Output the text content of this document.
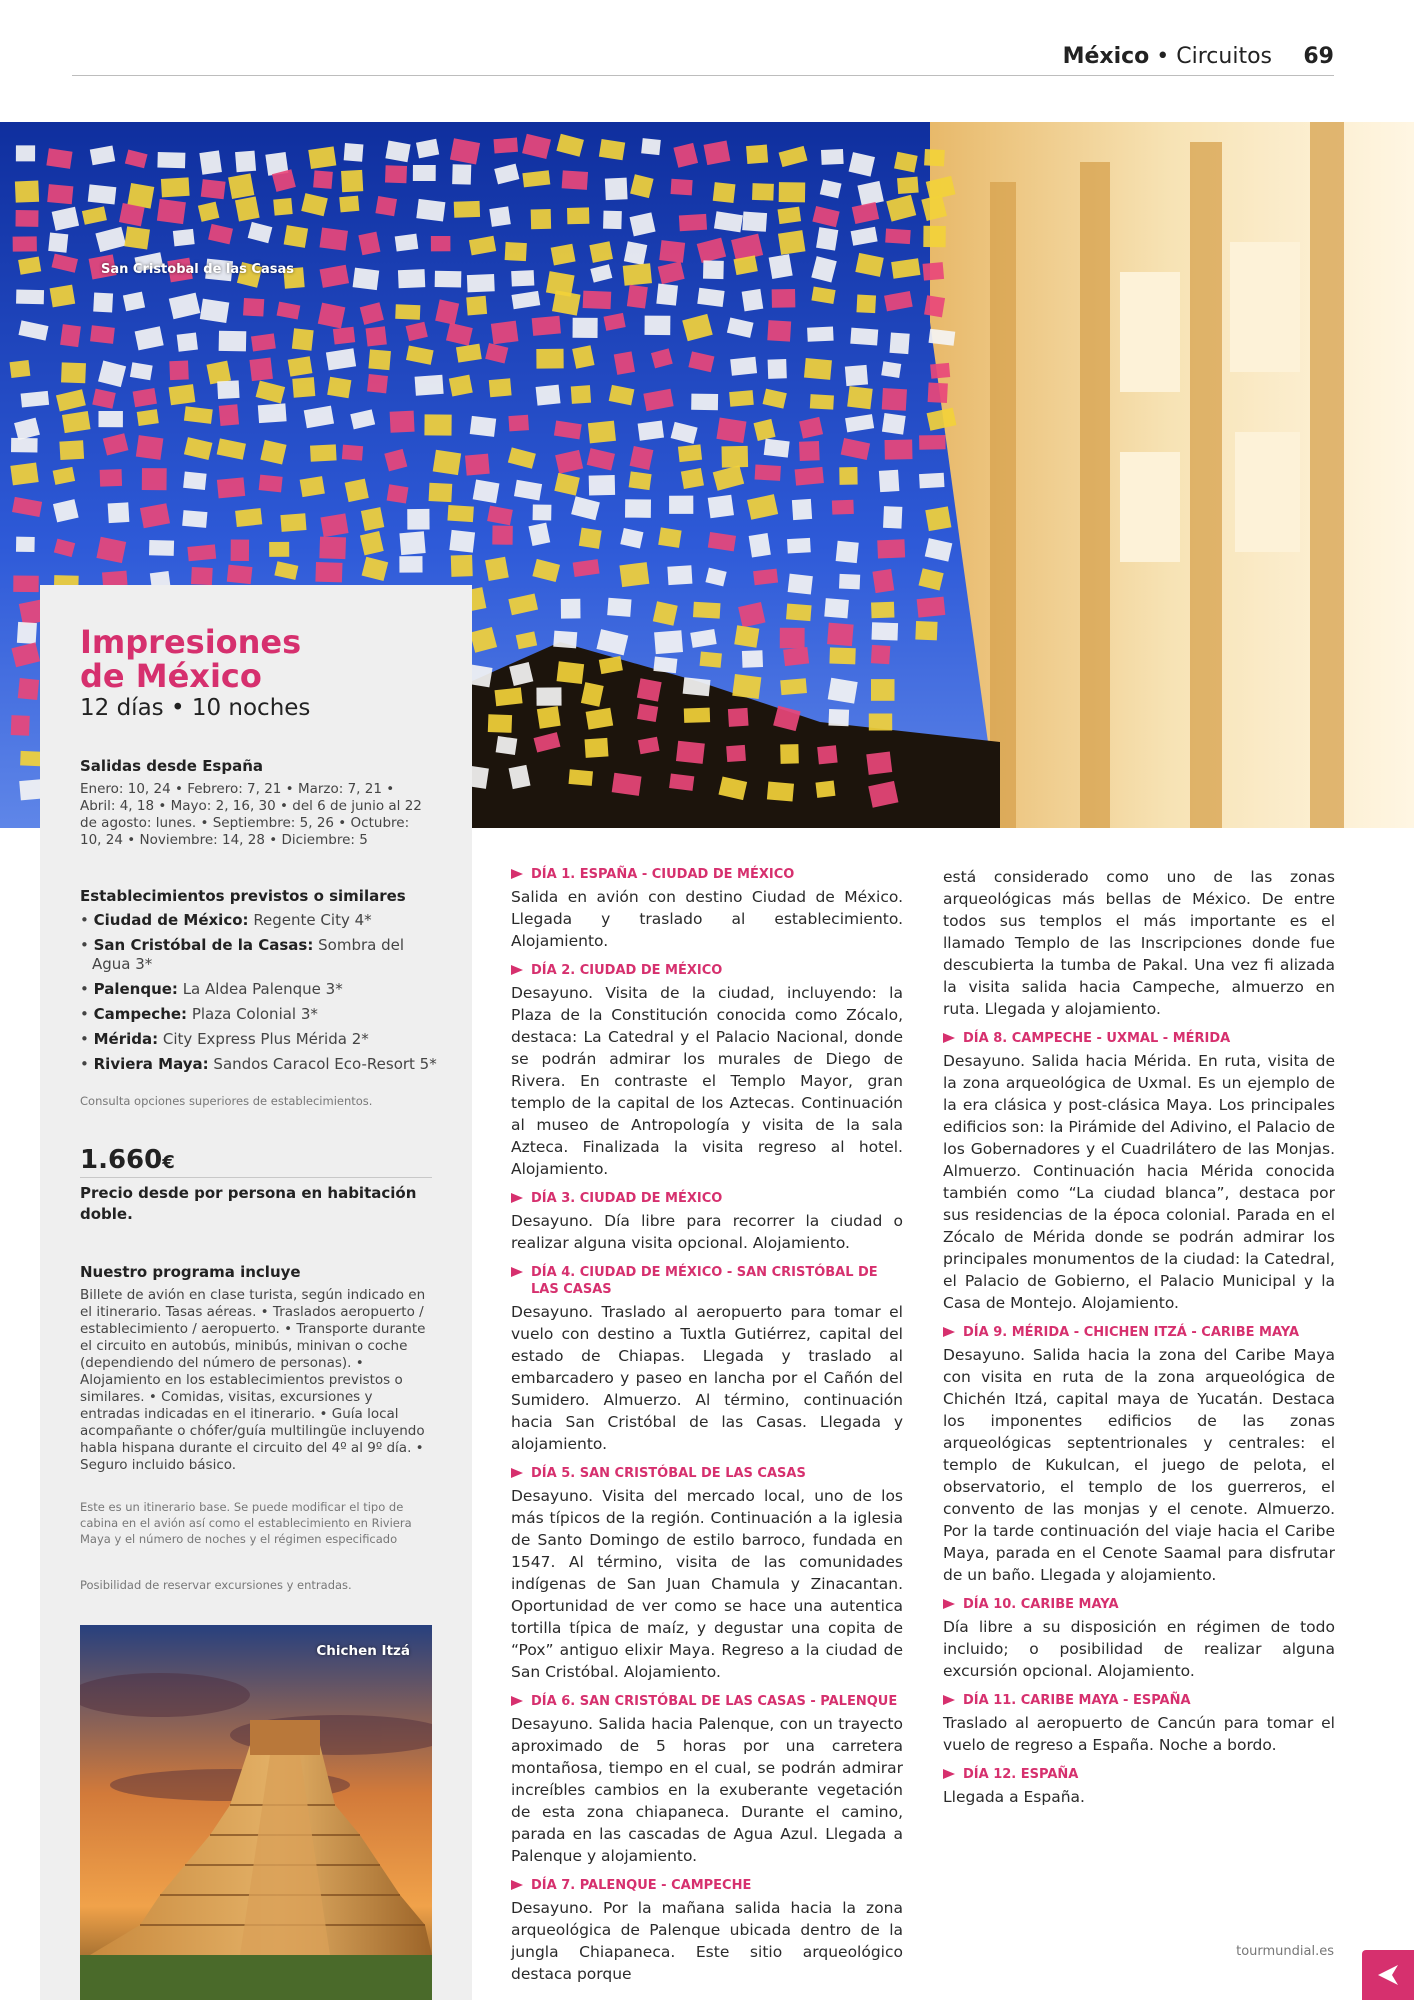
México • Circuitos 69
San Cristobal de las Casas
Impresiones
de México
12 días • 10 noches
Salidas desde España
Enero: 10, 24 • Febrero: 7, 21 • Marzo: 7, 21 • Abril: 4, 18 • Mayo: 2, 16, 30 • del 6 de junio al 22 de agosto: lunes. • Septiembre: 5, 26 • Octubre: 10, 24 • Noviembre: 14, 28 • Diciembre: 5
Establecimientos previstos o similares
• Ciudad de México: Regente City 4*
• San Cristóbal de la Casas: Sombra del Agua 3*
• Palenque: La Aldea Palenque 3*
• Campeche: Plaza Colonial 3*
• Mérida: City Express Plus Mérida 2*
• Riviera Maya: Sandos Caracol Eco-Resort 5*
Consulta opciones superiores de establecimientos.
1.660€
Precio desde por persona en habitación doble.
Nuestro programa incluye
Billete de avión en clase turista, según indicado en el itinerario. Tasas aéreas. • Traslados aeropuerto / establecimiento / aeropuerto. • Transporte durante el circuito en autobús, minibús, minivan o coche (dependiendo del número de personas). • Alojamiento en los establecimientos previstos o similares. • Comidas, visitas, excursiones y entradas indicadas en el itinerario. • Guía local acompañante o chófer/guía multilingüe incluyendo habla hispana durante el circuito del 4º al 9º día. • Seguro incluido básico.
Este es un itinerario base. Se puede modificar el tipo de cabina en el avión así como el establecimiento en Riviera Maya y el número de noches y el régimen especificado
Posibilidad de reservar excursiones y entradas.
Chichen Itzá
DÍA 1. ESPAÑA - CIUDAD DE MÉXICO
Salida en avión con destino Ciudad de México. Llegada y traslado al establecimiento. Alojamiento.
DÍA 2. CIUDAD DE MÉXICO
Desayuno. Visita de la ciudad, incluyendo: la Plaza de la Constitución conocida como Zócalo, destaca: La Catedral y el Palacio Nacional, donde se podrán admirar los murales de Diego de Rivera. En contraste el Templo Mayor, gran templo de la capital de los Aztecas. Continuación al museo de Antropología y visita de la sala Azteca. Finalizada la visita regreso al hotel. Alojamiento.
DÍA 3. CIUDAD DE MÉXICO
Desayuno. Día libre para recorrer la ciudad o realizar alguna visita opcional. Alojamiento.
DÍA 4. CIUDAD DE MÉXICO - SAN CRISTÓBAL DE LAS CASAS
Desayuno. Traslado al aeropuerto para tomar el vuelo con destino a Tuxtla Gutiérrez, capital del estado de Chiapas. Llegada y traslado al embarcadero y paseo en lancha por el Cañón del Sumidero. Almuerzo. Al término, continuación hacia San Cristóbal de las Casas. Llegada y alojamiento.
DÍA 5. SAN CRISTÓBAL DE LAS CASAS
Desayuno. Visita del mercado local, uno de los más típicos de la región. Continuación a la iglesia de Santo Domingo de estilo barroco, fundada en 1547. Al término, visita de las comunidades indígenas de San Juan Chamula y Zinacantan. Oportunidad de ver como se hace una autentica tortilla típica de maíz, y degustar una copita de “Pox” antiguo elixir Maya. Regreso a la ciudad de San Cristóbal. Alojamiento.
DÍA 6. SAN CRISTÓBAL DE LAS CASAS - PALENQUE
Desayuno. Salida hacia Palenque, con un trayecto aproximado de 5 horas por una carretera montañosa, tiempo en el cual, se podrán admirar increíbles cambios en la exuberante vegetación de esta zona chiapaneca. Durante el camino, parada en las cascadas de Agua Azul. Llegada a Palenque y alojamiento.
DÍA 7. PALENQUE - CAMPECHE
Desayuno. Por la mañana salida hacia la zona arqueológica de Palenque ubicada dentro de la jungla Chiapaneca. Este sitio arqueológico destaca porque
está considerado como uno de las zonas arqueológicas más bellas de México. De entre todos sus templos el más importante es el llamado Templo de las Inscripciones donde fue descubierta la tumba de Pakal. Una vez fi alizada la visita salida hacia Campeche, almuerzo en ruta. Llegada y alojamiento.
DÍA 8. CAMPECHE - UXMAL - MÉRIDA
Desayuno. Salida hacia Mérida. En ruta, visita de la zona arqueológica de Uxmal. Es un ejemplo de la era clásica y post-clásica Maya. Los principales edificios son: la Pirámide del Adivino, el Palacio de los Gobernadores y el Cuadrilátero de las Monjas. Almuerzo. Continuación hacia Mérida conocida también como “La ciudad blanca”, destaca por sus residencias de la época colonial. Parada en el Zócalo de Mérida donde se podrán admirar los principales monumentos de la ciudad: la Catedral, el Palacio de Gobierno, el Palacio Municipal y la Casa de Montejo. Alojamiento.
DÍA 9. MÉRIDA - CHICHEN ITZÁ - CARIBE MAYA
Desayuno. Salida hacia la zona del Caribe Maya con visita en ruta de la zona arqueológica de Chichén Itzá, capital maya de Yucatán. Destaca los imponentes edificios de las zonas arqueológicas septentrionales y centrales: el templo de Kukulcan, el juego de pelota, el observatorio, el templo de los guerreros, el convento de las monjas y el cenote. Almuerzo. Por la tarde continuación del viaje hacia el Caribe Maya, parada en el Cenote Saamal para disfrutar de un baño. Llegada y alojamiento.
DÍA 10. CARIBE MAYA
Día libre a su disposición en régimen de todo incluido; o posibilidad de realizar alguna excursión opcional. Alojamiento.
DÍA 11. CARIBE MAYA - ESPAÑA
Traslado al aeropuerto de Cancún para tomar el vuelo de regreso a España. Noche a bordo.
DÍA 12. ESPAÑA
Llegada a España.
tourmundial.es
